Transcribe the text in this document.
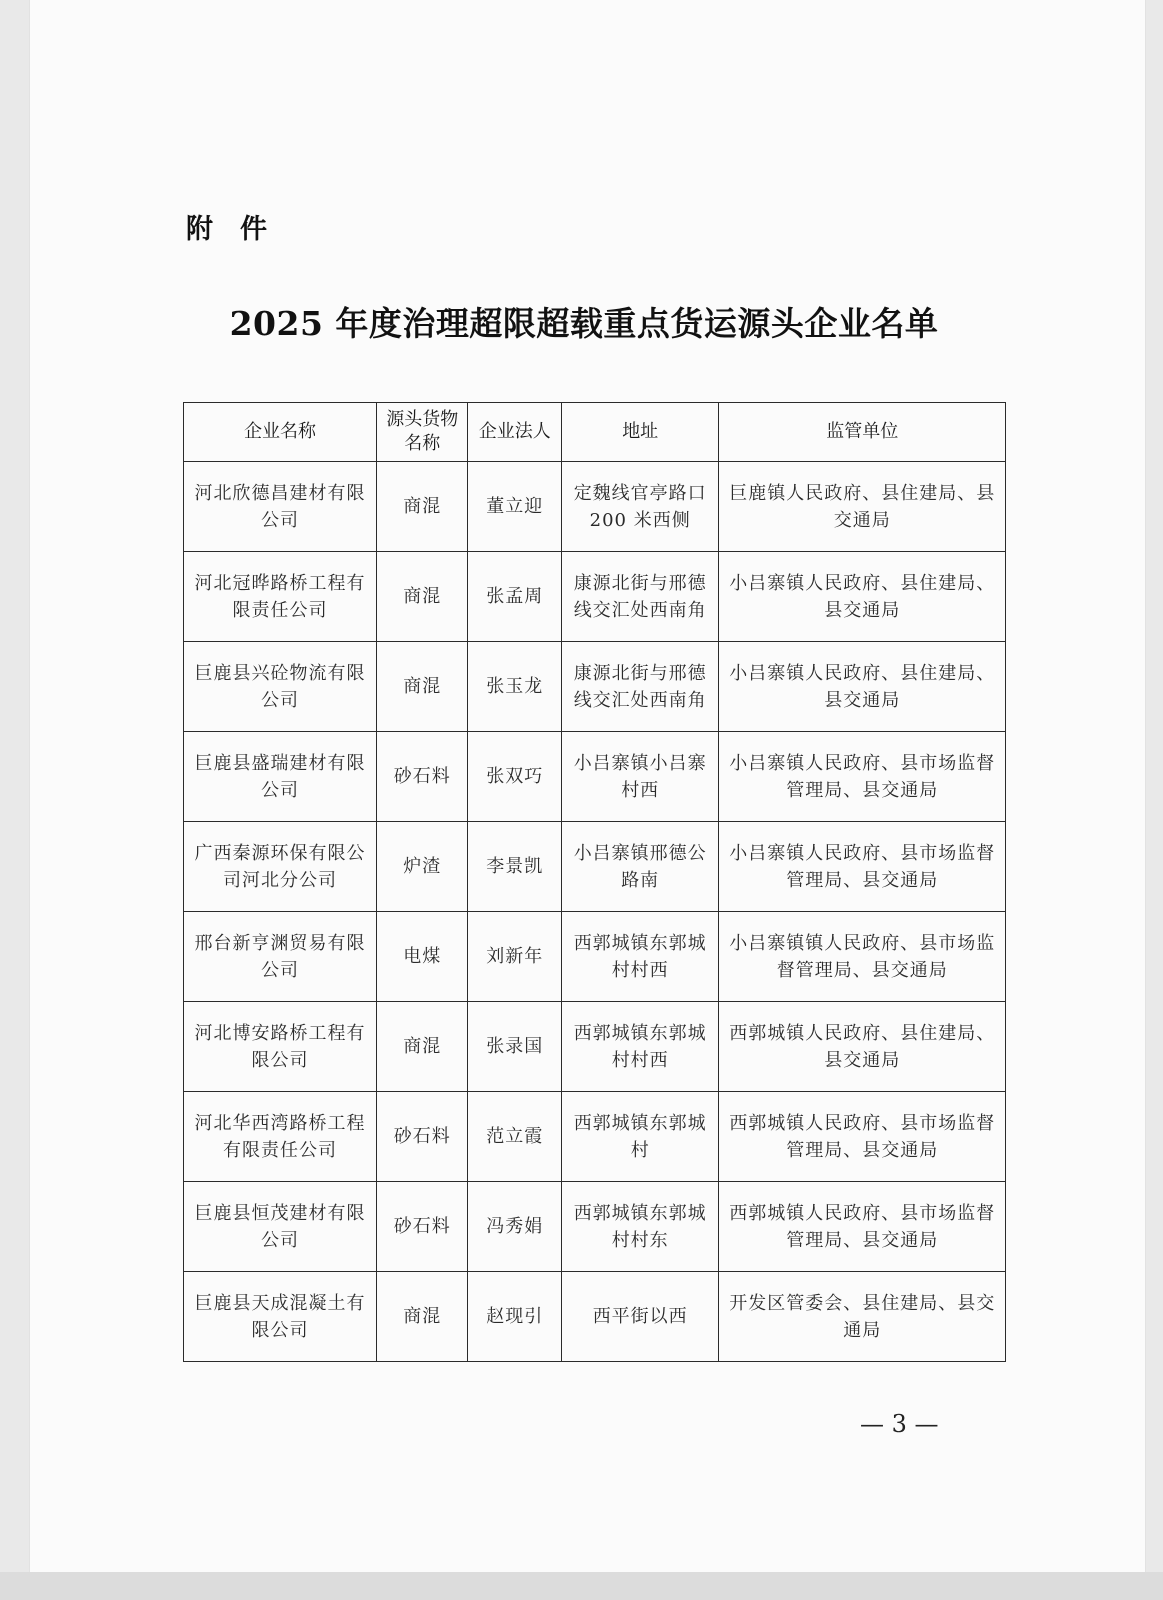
附　件
2025 年度治理超限超载重点货运源头企业名单
企业名称	源头货物名称	企业法人	地址	监管单位
河北欣德昌建材有限公司	商混	董立迎	定魏线官亭路口 200 米西侧	巨鹿镇人民政府、县住建局、县交通局
河北冠晔路桥工程有限责任公司	商混	张孟周	康源北街与邢德线交汇处西南角	小吕寨镇人民政府、县住建局、县交通局
巨鹿县兴砼物流有限公司	商混	张玉龙	康源北街与邢德线交汇处西南角	小吕寨镇人民政府、县住建局、县交通局
巨鹿县盛瑞建材有限公司	砂石料	张双巧	小吕寨镇小吕寨村西	小吕寨镇人民政府、县市场监督管理局、县交通局
广西秦源环保有限公司河北分公司	炉渣	李景凯	小吕寨镇邢德公路南	小吕寨镇人民政府、县市场监督管理局、县交通局
邢台新亨渊贸易有限公司	电煤	刘新年	西郭城镇东郭城村村西	小吕寨镇镇人民政府、县市场监督管理局、县交通局
河北博安路桥工程有限公司	商混	张录国	西郭城镇东郭城村村西	西郭城镇人民政府、县住建局、县交通局
河北华西湾路桥工程有限责任公司	砂石料	范立霞	西郭城镇东郭城村	西郭城镇人民政府、县市场监督管理局、县交通局
巨鹿县恒茂建材有限公司	砂石料	冯秀娟	西郭城镇东郭城村村东	西郭城镇人民政府、县市场监督管理局、县交通局
巨鹿县天成混凝土有限公司	商混	赵现引	西平街以西	开发区管委会、县住建局、县交通局
— 3 —
